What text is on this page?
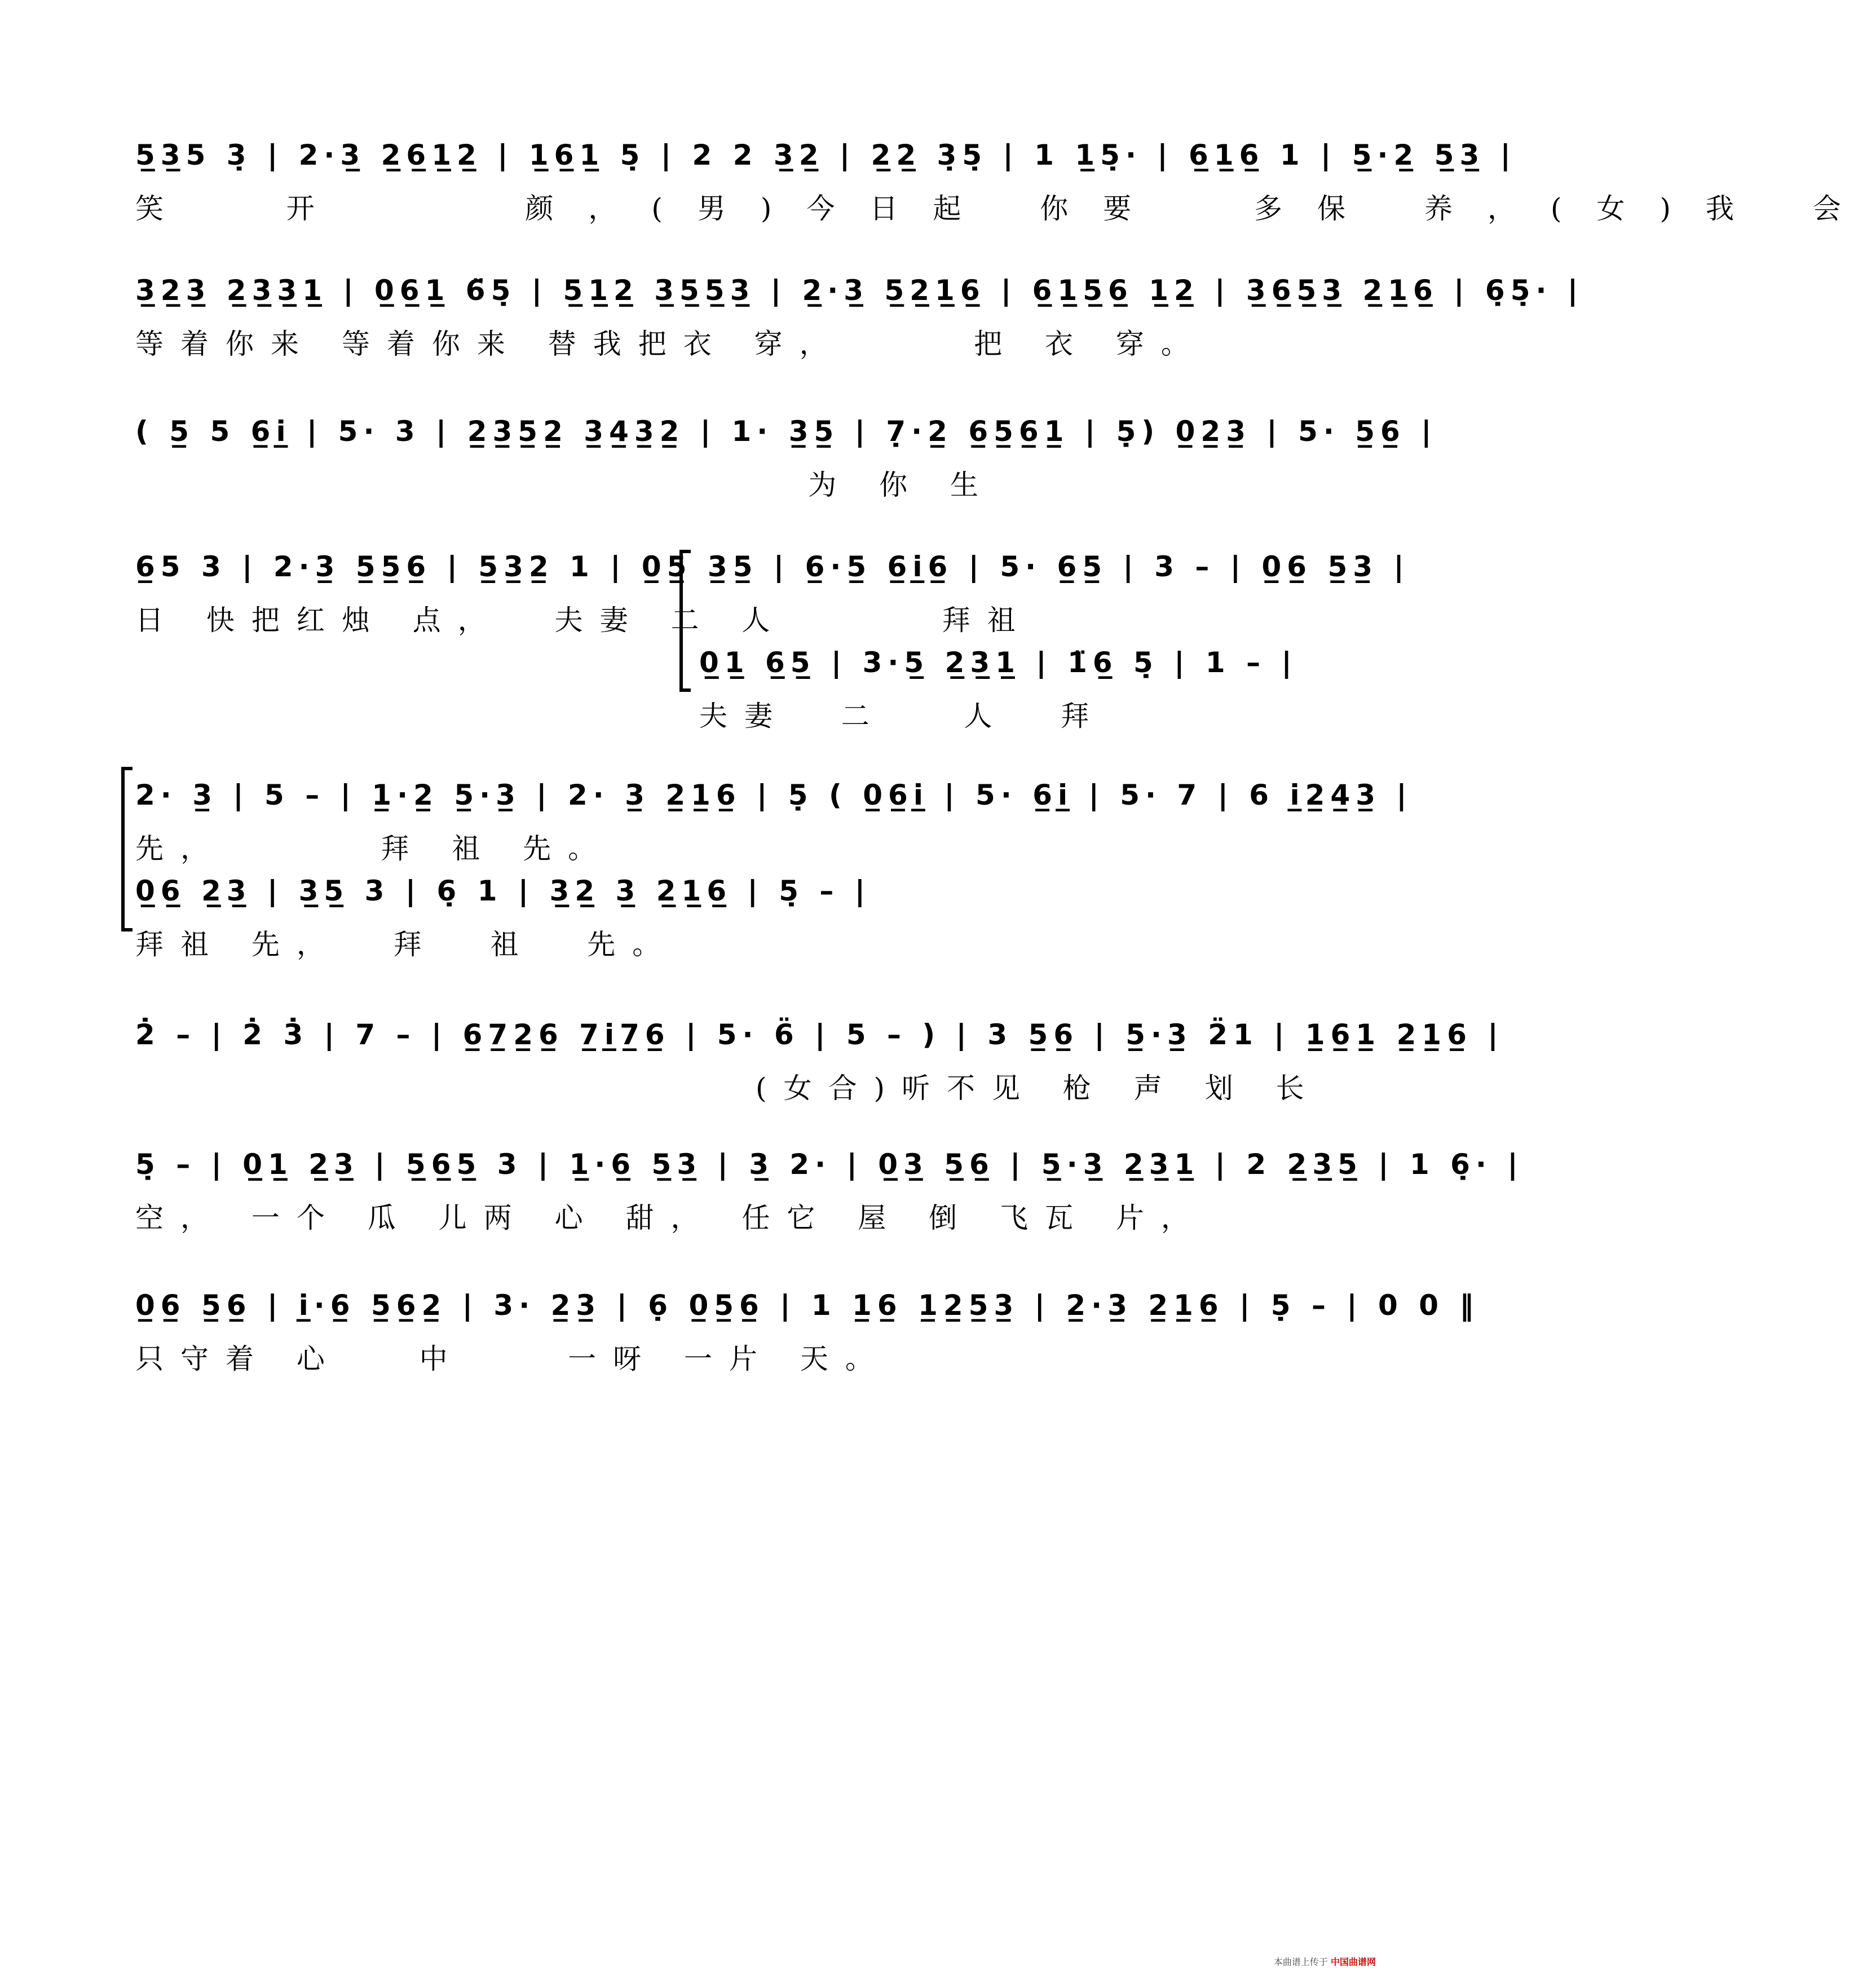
5̲3̲5 3̣ | 2·3̲ 2̲6̲1̲2̲ | 1̲6̲1̲ 5̣ | 2 2 3̲2̲ | 2̲2̲ 3̣5̣ | 1 1̲5̣· | 6̲1̲6̲ 1 | 5̲·2̲ 5̲3̲ |
笑  开    颜，(男)今日起 你要  多保 养，(女)我 会
3̲2̲3̲ 2̲3̲3̲1̲ | 0̲6̲1̲ 6̈5̣ | 5̲1̲2̲ 3̲5̲5̲3̲ | 2̲·3̲ 5̲2̲1̲6̲ | 6̲1̲5̲6̲ 1̲2̲ | 3̲6̲5̲3̲ 2̲1̲6̲ | 6̣5̣· |
等着你来 等着你来 替我把衣 穿，     把 衣 穿。
( 5̲ 5 6̲i̲ | 5· 3 | 2̲3̲5̲2̲ 3̲4̲3̲2̲ | 1· 3̲5̲ | 7̣·2̲ 6̲5̲6̲1̲ | 5̣) 0̲2̲3̲ | 5· 5̲6̲ |
为 你 生
6̲5 3 | 2·3̲ 5̲5̲6̲ | 5̲3̲2̲ 1 | 0̲5̲ 3̲5̲ | 6̲·5̲ 6̲i̲6̲ | 5· 6̲5̲ | 3 – | 0̲6̲ 5̲3̲ |
日 快把红烛 点，  夫妻 二 人      拜祖
0̲1̲ 6̲5̲ | 3·5̲ 2̲3̲1̲ | 1̈6̲ 5̣ | 1 – |
夫妻  二   人  拜
2· 3̲ | 5 – | 1̲·2̲ 5̲·3̲ | 2· 3̲ 2̲1̲6̲ | 5̣ ( 0̲6̲i̲ | 5· 6̲i̲ | 5· 7 | 6 i̲2̲4̲3̲ |
先，      拜 祖 先。
0̲6̲ 2̲3̲ | 3̲5̲ 3 | 6̣ 1 | 3̲2̲ 3̲ 2̲1̲6̲ | 5̣ – |
拜祖 先，  拜  祖  先。
2̇ – | 2̇ 3̇ | 7 – | 6̲7̲2̲6̲ 7̲i̲7̲6̲ | 5· 6̈ | 5 – ) | 3 5̲6̲ | 5̲·3̲ 2̈1 | 1̲6̲1̲ 2̲1̲6̲ |
(女合)听不见 枪 声 划 长
5̣ – | 0̲1̲ 2̲3̲ | 5̲6̲5̲ 3 | 1̲·6̲ 5̲3̲ | 3̲ 2· | 0̲3̲ 5̲6̲ | 5̲·3̲ 2̲3̲1̲ | 2 2̲3̲5̲ | 1 6̣· |
空， 一个 瓜 儿两 心 甜， 任它 屋 倒 飞瓦 片，
0̲6̲ 5̲6̲ | i̲·6̲ 5̲6̲2̲ | 3· 2̲3̲ | 6̣ 0̲5̲6̲ | 1 1̲6̲ 1̲2̲5̲3̲ | 2̲·3̲ 2̲1̲6̲ | 5̣ – | 0 0 ‖
只守着 心   中    一呀 一片 天。
本曲谱上传于 中国曲谱网
